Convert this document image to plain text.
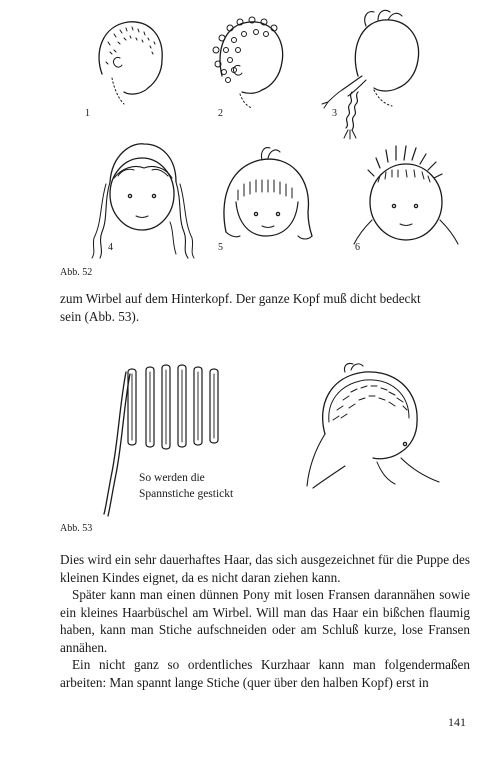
1	2	3
4	5	6
Abb. 52
zum Wirbel auf dem Hinterkopf. Der ganze Kopf muß dicht bedeckt
sein (Abb. 53).
So werden die
Spannstiche gestickt
Abb. 53
Dies wird ein sehr dauerhaftes Haar, das sich ausgezeichnet für die Puppe des kleinen Kindes eignet, da es nicht daran ziehen kann.
Später kann man einen dünnen Pony mit losen Fransen darannähen sowie ein kleines Haarbüschel am Wirbel. Will man das Haar ein bißchen flaumig haben, kann man Stiche aufschneiden oder am Schluß kurze, lose Fransen annähen.
Ein nicht ganz so ordentliches Kurzhaar kann man folgendermaßen arbeiten: Man spannt lange Stiche (quer über den halben Kopf) erst in
141
